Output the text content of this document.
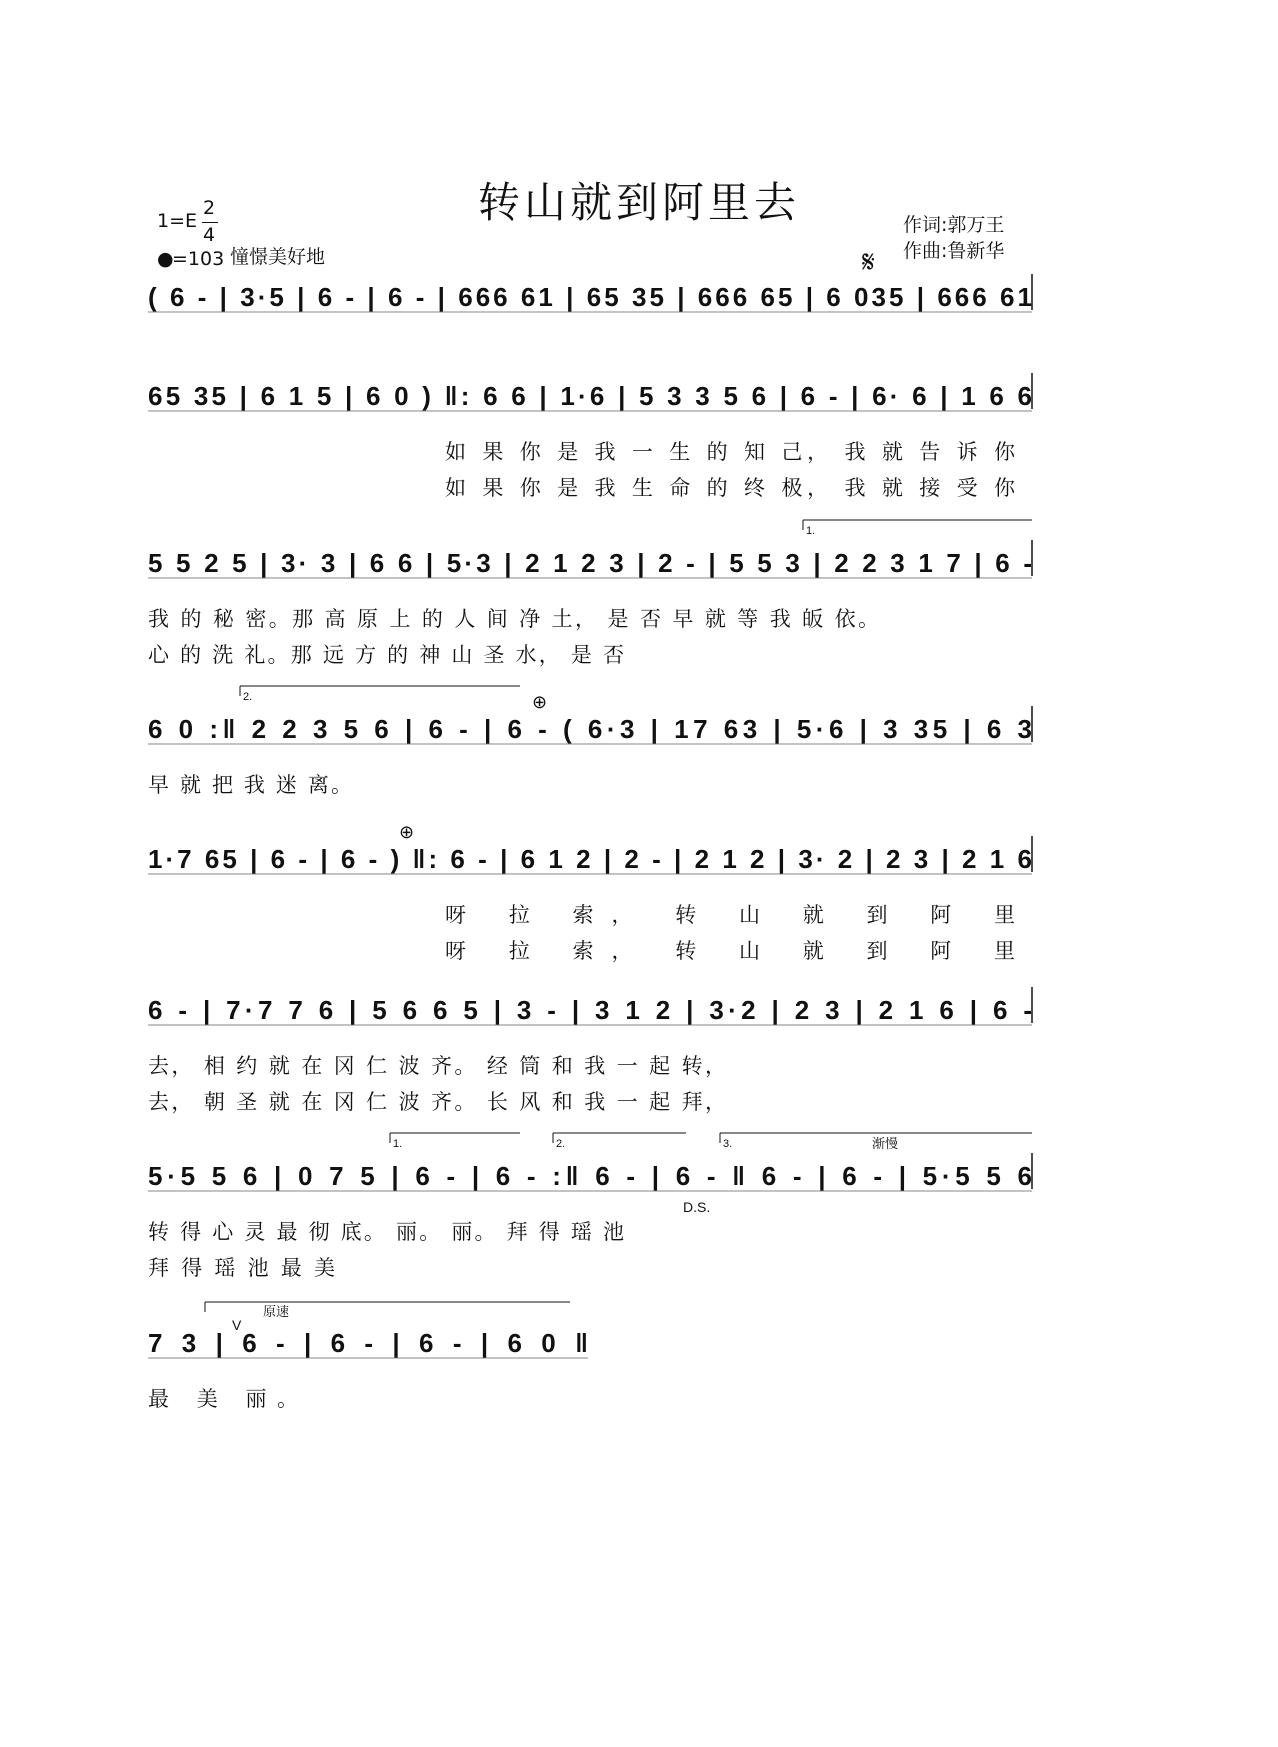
转山就到阿里去
1=E
2
4
●
=103 憧憬美好地
作词:郭万王
作曲:鲁新华
( 6 - | 3·5 | 6 - | 6 - | 666 61 | 65 35 | 666 65 | 6 035 | 666 61
65 35 | 6 1 5 | 6 0 ) ‖: 6 6 | 1·6 | 5 3 3 5 6 | 6 - | 6· 6 | 1 6 6
如 果 你 是 我 一 生 的 知 己， 我 就 告 诉 你
如 果 你 是 我 生 命 的 终 极， 我 就 接 受 你
5 5 2 5 | 3· 3 | 6 6 | 5·3 | 2 1 2 3 | 2 - | 5 5 3 | 2 2 3 1 7 | 6 -
我 的 秘 密。那 高 原 上 的 人 间 净 土， 是 否 早 就 等 我 皈 依。
心 的 洗 礼。那 远 方 的 神 山 圣 水， 是 否
6 0 :‖ 2 2 3 5 6 | 6 - | 6 - ( 6·3 | 17 63 | 5·6 | 3 35 | 6 3
早 就 把 我 迷 离。
1·7 65 | 6 - | 6 - ) ‖: 6 - | 6 1 2 | 2 - | 2 1 2 | 3· 2 | 2 3 | 2 1 6
呀 拉 索， 转 山 就 到 阿 里
呀 拉 索， 转 山 就 到 阿 里
6 - | 7·7 7 6 | 5 6 6 5 | 3 - | 3 1 2 | 3·2 | 2 3 | 2 1 6 | 6 -
去， 相 约 就 在 冈 仁 波 齐。 经 筒 和 我 一 起 转，
去， 朝 圣 就 在 冈 仁 波 齐。 长 风 和 我 一 起 拜，
5·5 5 6 | 0 7 5 | 6 - | 6 - :‖ 6 - | 6 - ‖ 6 - | 6 - | 5·5 5 6
转 得 心 灵 最 彻 底。 丽。 丽。 拜 得 瑶 池
拜 得 瑶 池 最 美
7 3 | 6 - | 6 - | 6 - | 6 0 ‖
最 美 丽。
1.
2.
1.	2.	3.
D.S.
渐慢
原速
V
𝄋
⊕
⊕
